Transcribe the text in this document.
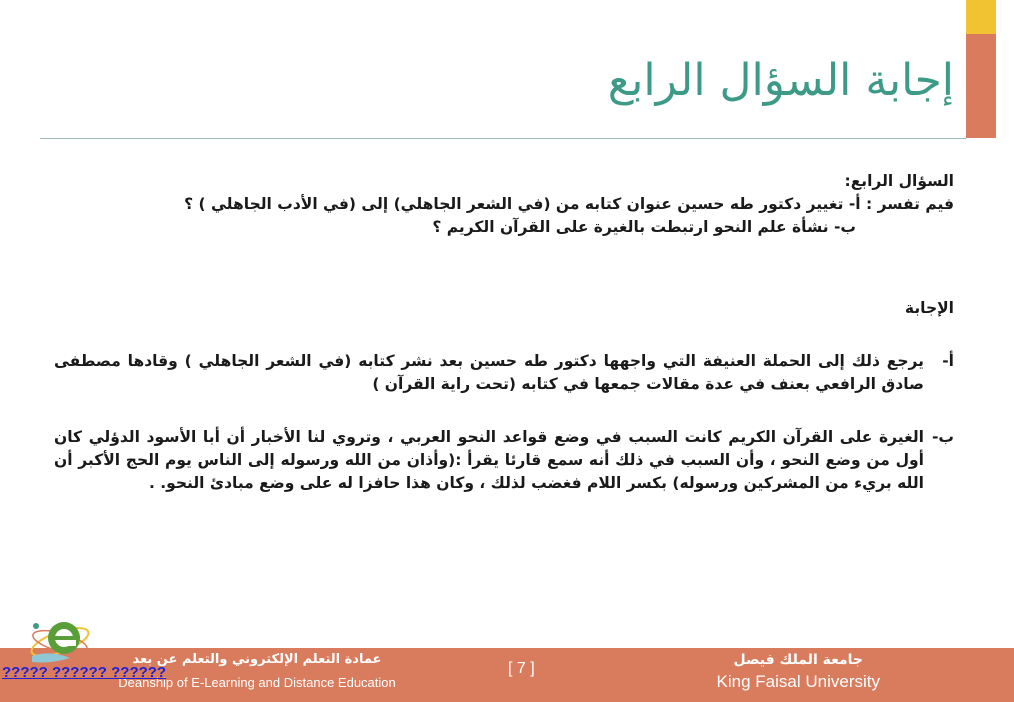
إجابة السؤال الرابع
السؤال الرابع:
فيم تفسر : أ- تغيير دكتور طه حسين عنوان كتابه من (في الشعر الجاهلي) إلى (في الأدب الجاهلي ) ؟
ب- نشأة علم النحو ارتبطت بالغيرة على القرآن الكريم ؟
الإجابة
أ-
يرجع ذلك إلى الحملة العنيفة التي واجهها دكتور طه حسين بعد نشر كتابه (في الشعر الجاهلي ) وقادها مصطفى صادق الرافعي بعنف في عدة مقالات جمعها في كتابه (تحت راية القرآن )
ب-
الغيرة على القرآن الكريم كانت السبب في وضع قواعد النحو العربي ، وتروي لنا الأخبار أن أبا الأسود الدؤلي كان أول من وضع النحو ، وأن السبب في ذلك أنه سمع قارئا يقرأ :(وأذان من الله ورسوله إلى الناس يوم الحج الأكبر أن الله بريء من المشركين ورسوله) بكسر اللام فغضب لذلك ، وكان هذا حافزا له على وضع مبادئ النحو. .
جامعة الملك فيصل
King Faisal University
[ 7 ]
عمادة التعلم الإلكتروني والتعلم عن بعد
Deanship of E-Learning and Distance Education
????? ?????? ??????
